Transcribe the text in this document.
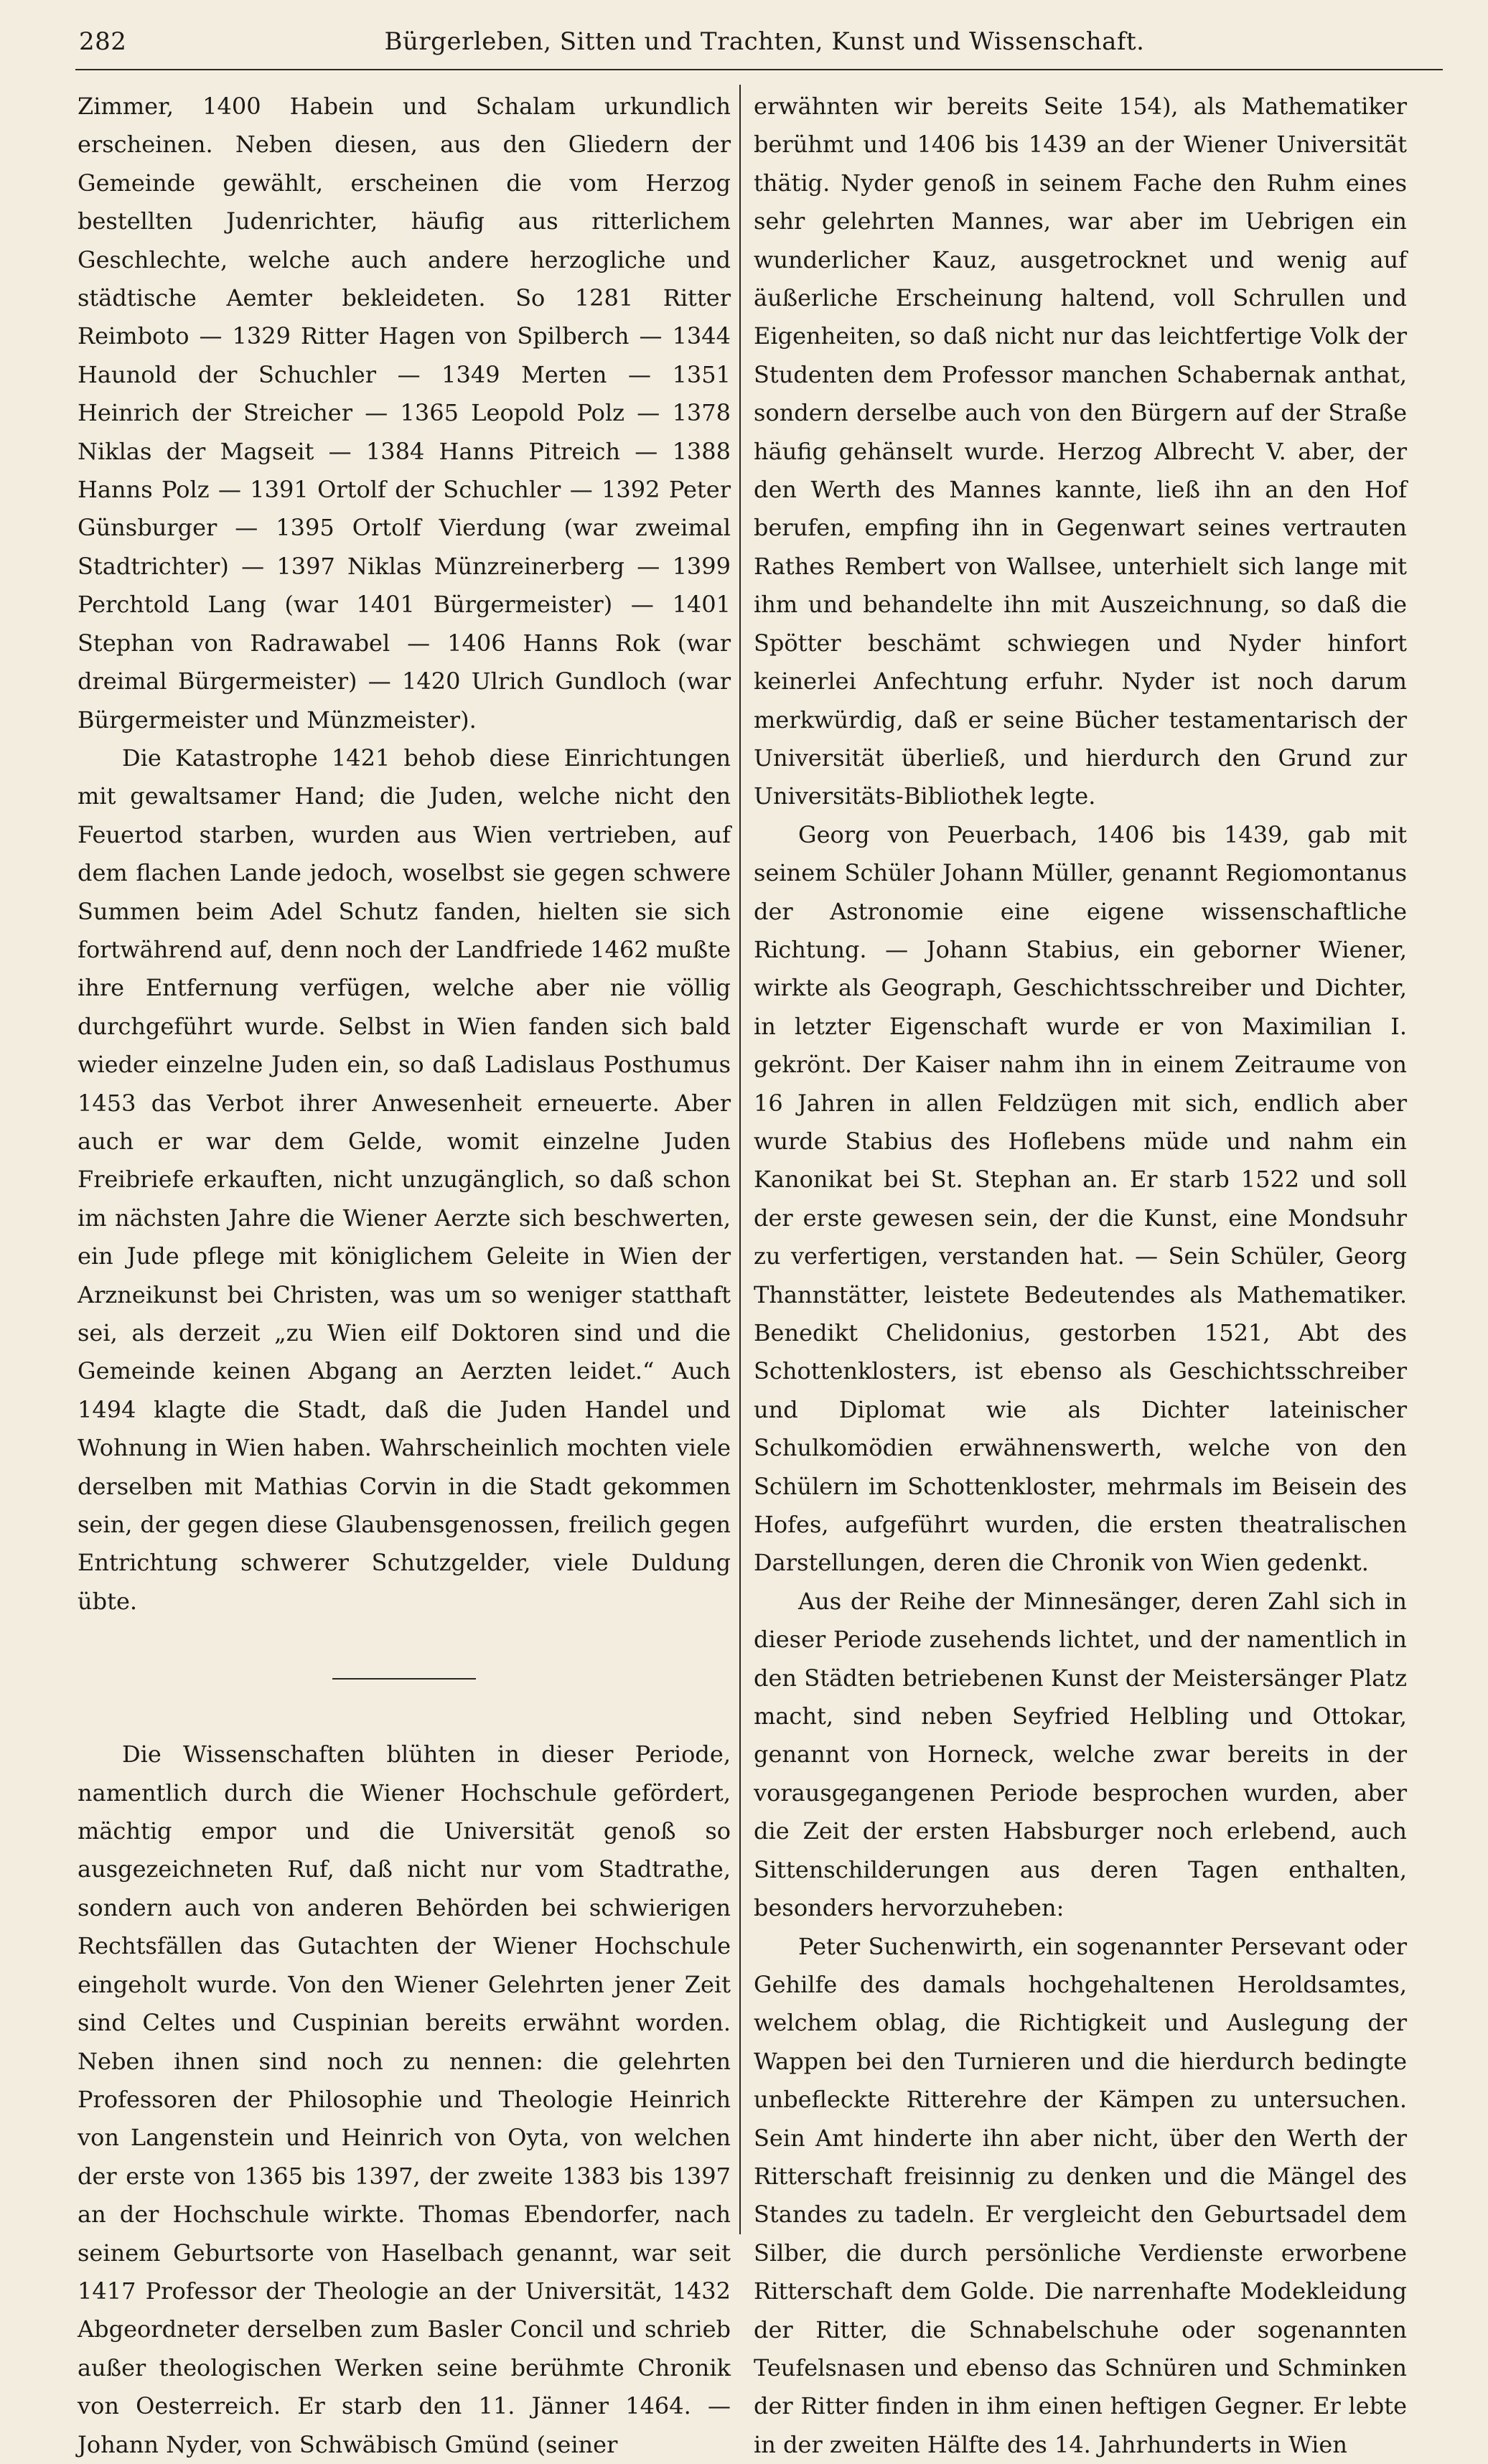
282	Bürgerleben, Sitten und Trachten, Kunst und Wissenschaft.

Zimmer, 1400 Habein und Schalam urkundlich erscheinen. Neben diesen, aus den Gliedern der Gemeinde gewählt, erscheinen die vom Herzog bestellten Judenrichter, häufig aus ritterlichem Geschlechte, welche auch andere herzogliche und städtische Aemter bekleideten. So 1281 Ritter Reimboto — 1329 Ritter Hagen von Spilberch — 1344 Haunold der Schuchler — 1349 Merten — 1351 Heinrich der Streicher — 1365 Leopold Polz — 1378 Niklas der Magseit — 1384 Hanns Pitreich — 1388 Hanns Polz — 1391 Ortolf der Schuchler — 1392 Peter Günsburger — 1395 Ortolf Vierdung (war zweimal Stadtrichter) — 1397 Niklas Münzreinerberg — 1399 Perchtold Lang (war 1401 Bürgermeister) — 1401 Stephan von Radrawabel — 1406 Hanns Rok (war dreimal Bürgermeister) — 1420 Ulrich Gundloch (war Bürgermeister und Münzmeister).

Die Katastrophe 1421 behob diese Einrichtungen mit gewaltsamer Hand; die Juden, welche nicht den Feuertod starben, wurden aus Wien vertrieben, auf dem flachen Lande jedoch, woselbst sie gegen schwere Summen beim Adel Schutz fanden, hielten sie sich fortwährend auf, denn noch der Landfriede 1462 mußte ihre Entfernung verfügen, welche aber nie völlig durchgeführt wurde. Selbst in Wien fanden sich bald wieder einzelne Juden ein, so daß Ladislaus Posthumus 1453 das Verbot ihrer Anwesenheit erneuerte. Aber auch er war dem Gelde, womit einzelne Juden Freibriefe erkauften, nicht unzugänglich, so daß schon im nächsten Jahre die Wiener Aerzte sich beschwerten, ein Jude pflege mit königlichem Geleite in Wien der Arzneikunst bei Christen, was um so weniger statthaft sei, als derzeit „zu Wien eilf Doktoren sind und die Gemeinde keinen Abgang an Aerzten leidet.“ Auch 1494 klagte die Stadt, daß die Juden Handel und Wohnung in Wien haben. Wahrscheinlich mochten viele derselben mit Mathias Corvin in die Stadt gekommen sein, der gegen diese Glaubensgenossen, freilich gegen Entrichtung schwerer Schutzgelder, viele Duldung übte.

Die Wissenschaften blühten in dieser Periode, namentlich durch die Wiener Hochschule gefördert, mächtig empor und die Universität genoß so ausgezeichneten Ruf, daß nicht nur vom Stadtrathe, sondern auch von anderen Behörden bei schwierigen Rechtsfällen das Gutachten der Wiener Hochschule eingeholt wurde. Von den Wiener Gelehrten jener Zeit sind Celtes und Cuspinian bereits erwähnt worden. Neben ihnen sind noch zu nennen: die gelehrten Professoren der Philosophie und Theologie Heinrich von Langenstein und Heinrich von Oyta, von welchen der erste von 1365 bis 1397, der zweite 1383 bis 1397 an der Hochschule wirkte. Thomas Ebendorfer, nach seinem Geburtsorte von Haselbach genannt, war seit 1417 Professor der Theologie an der Universität, 1432 Abgeordneter derselben zum Basler Concil und schrieb außer theologischen Werken seine berühmte Chronik von Oesterreich. Er starb den 11. Jänner 1464. — Johann Nyder, von Schwäbisch Gmünd (seiner

erwähnten wir bereits Seite 154), als Mathematiker berühmt und 1406 bis 1439 an der Wiener Universität thätig. Nyder genoß in seinem Fache den Ruhm eines sehr gelehrten Mannes, war aber im Uebrigen ein wunderlicher Kauz, ausgetrocknet und wenig auf äußerliche Erscheinung haltend, voll Schrullen und Eigenheiten, so daß nicht nur das leichtfertige Volk der Studenten dem Professor manchen Schabernak anthat, sondern derselbe auch von den Bürgern auf der Straße häufig gehänselt wurde. Herzog Albrecht V. aber, der den Werth des Mannes kannte, ließ ihn an den Hof berufen, empfing ihn in Gegenwart seines vertrauten Rathes Rembert von Wallsee, unterhielt sich lange mit ihm und behandelte ihn mit Auszeichnung, so daß die Spötter beschämt schwiegen und Nyder hinfort keinerlei Anfechtung erfuhr. Nyder ist noch darum merkwürdig, daß er seine Bücher testamentarisch der Universität überließ, und hierdurch den Grund zur Universitäts-Bibliothek legte.

Georg von Peuerbach, 1406 bis 1439, gab mit seinem Schüler Johann Müller, genannt Regiomontanus der Astronomie eine eigene wissenschaftliche Richtung. — Johann Stabius, ein geborner Wiener, wirkte als Geograph, Geschichtsschreiber und Dichter, in letzter Eigenschaft wurde er von Maximilian I. gekrönt. Der Kaiser nahm ihn in einem Zeitraume von 16 Jahren in allen Feldzügen mit sich, endlich aber wurde Stabius des Hoflebens müde und nahm ein Kanonikat bei St. Stephan an. Er starb 1522 und soll der erste gewesen sein, der die Kunst, eine Mondsuhr zu verfertigen, verstanden hat. — Sein Schüler, Georg Thannstätter, leistete Bedeutendes als Mathematiker. Benedikt Chelidonius, gestorben 1521, Abt des Schottenklosters, ist ebenso als Geschichtsschreiber und Diplomat wie als Dichter lateinischer Schulkomödien erwähnenswerth, welche von den Schülern im Schottenkloster, mehrmals im Beisein des Hofes, aufgeführt wurden, die ersten theatralischen Darstellungen, deren die Chronik von Wien gedenkt.

Aus der Reihe der Minnesänger, deren Zahl sich in dieser Periode zusehends lichtet, und der namentlich in den Städten betriebenen Kunst der Meistersänger Platz macht, sind neben Seyfried Helbling und Ottokar, genannt von Horneck, welche zwar bereits in der vorausgegangenen Periode besprochen wurden, aber die Zeit der ersten Habsburger noch erlebend, auch Sittenschilderungen aus deren Tagen enthalten, besonders hervorzuheben:

Peter Suchenwirth, ein sogenannter Persevant oder Gehilfe des damals hochgehaltenen Heroldsamtes, welchem oblag, die Richtigkeit und Auslegung der Wappen bei den Turnieren und die hierdurch bedingte unbefleckte Ritterehre der Kämpen zu untersuchen. Sein Amt hinderte ihn aber nicht, über den Werth der Ritterschaft freisinnig zu denken und die Mängel des Standes zu tadeln. Er vergleicht den Geburtsadel dem Silber, die durch persönliche Verdienste erworbene Ritterschaft dem Golde. Die narrenhafte Modekleidung der Ritter, die Schnabelschuhe oder sogenannten Teufelsnasen und ebenso das Schnüren und Schminken der Ritter finden in ihm einen heftigen Gegner. Er lebte in der zweiten Hälfte des 14. Jahrhunderts in Wien
